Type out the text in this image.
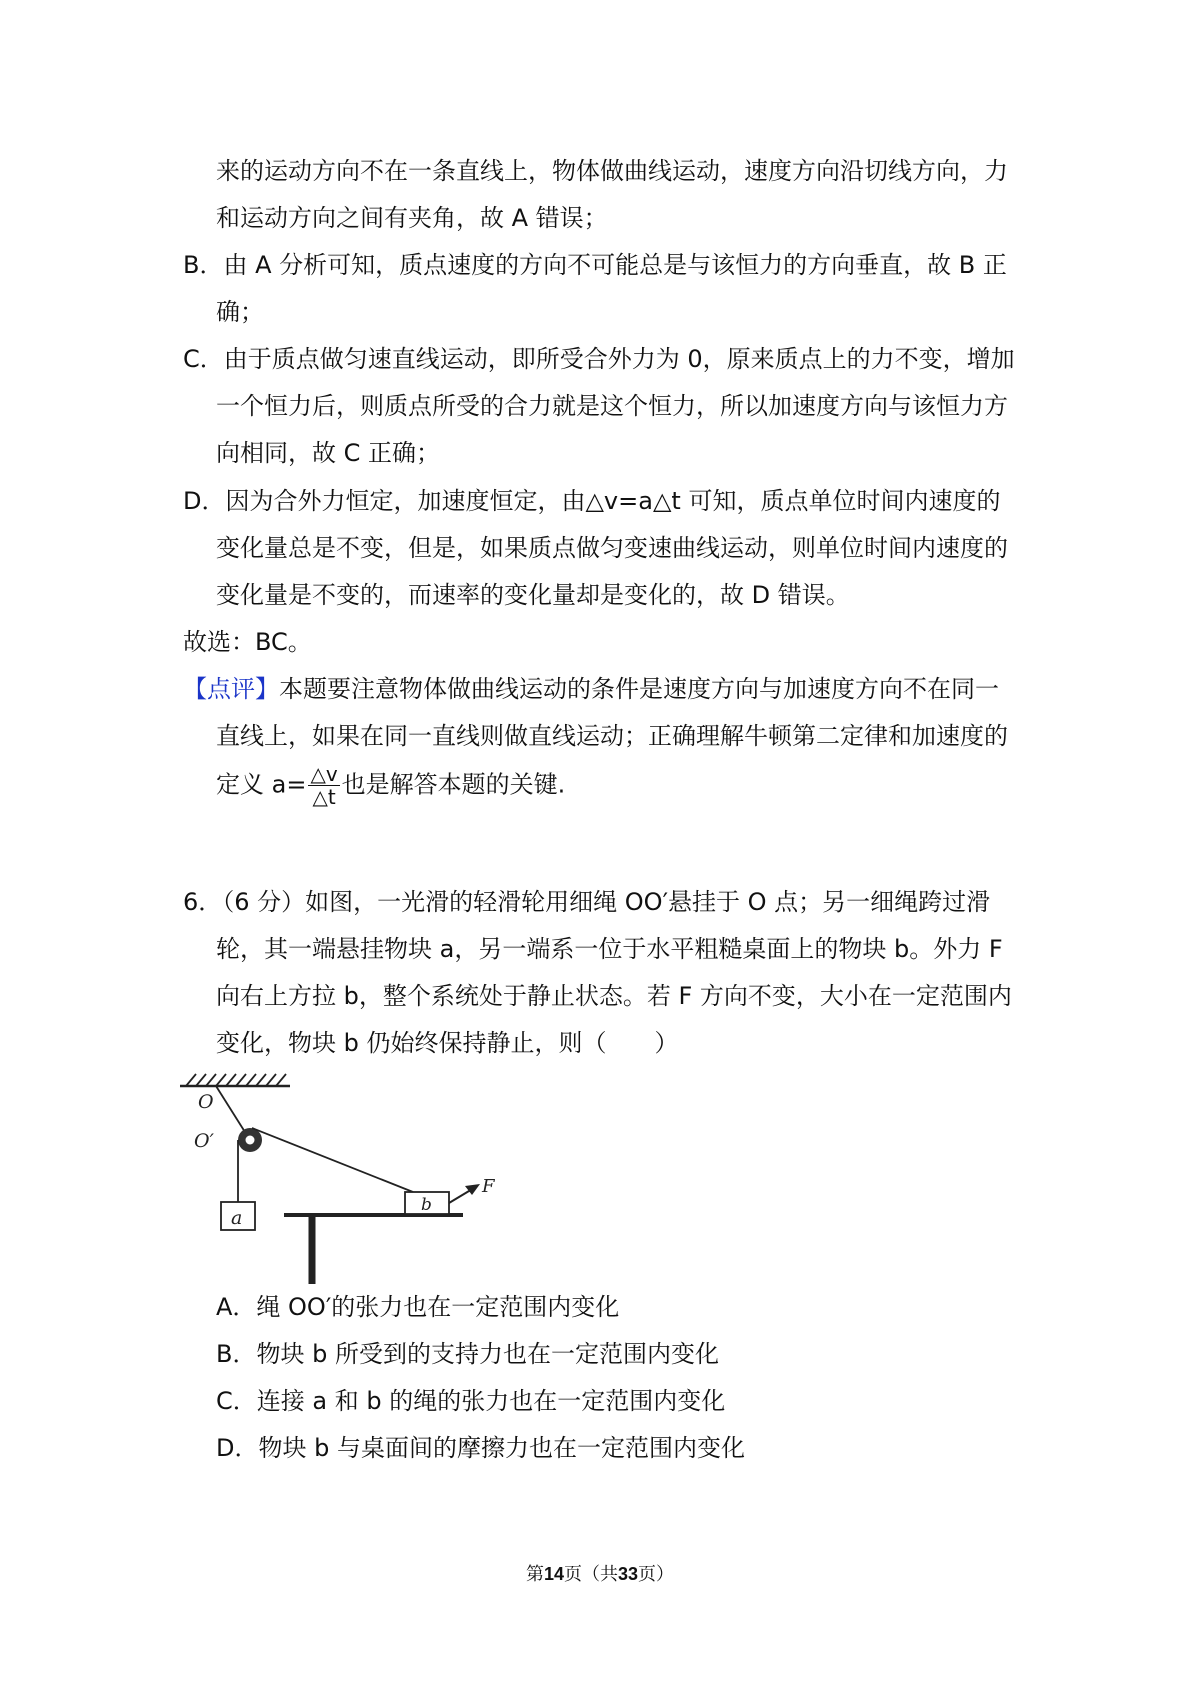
来的运动方向不在一条直线上，物体做曲线运动，速度方向沿切线方向，力
和运动方向之间有夹角，故 A 错误；
B．由 A 分析可知，质点速度的方向不可能总是与该恒力的方向垂直，故 B 正
确；
C．由于质点做匀速直线运动，即所受合外力为 0，原来质点上的力不变，增加
一个恒力后，则质点所受的合力就是这个恒力，所以加速度方向与该恒力方
向相同，故 C 正确；
D．因为合外力恒定，加速度恒定，由△v=a△t 可知，质点单位时间内速度的
变化量总是不变，但是，如果质点做匀变速曲线运动，则单位时间内速度的
变化量是不变的，而速率的变化量却是变化的，故 D 错误。
故选：BC。
【点评】本题要注意物体做曲线运动的条件是速度方向与加速度方向不在同一
直线上，如果在同一直线则做直线运动；正确理解牛顿第二定律和加速度的
定义 $a= \frac{\triangle v}{\triangle t}$ 也是解答本题的关键.
6．（6 分）如图，一光滑的轻滑轮用细绳 OO′悬挂于 O 点；另一细绳跨过滑
轮，其一端悬挂物块 a，另一端系一位于水平粗糙桌面上的物块 b。外力 F
向右上方拉 b，整个系统处于静止状态。若 F 方向不变，大小在一定范围内
变化，物块 b 仍始终保持静止，则（　　）
O
O′
a
b
F
A．绳 OO′的张力也在一定范围内变化
B．物块 b 所受到的支持力也在一定范围内变化
C．连接 a 和 b 的绳的张力也在一定范围内变化
D．物块 b 与桌面间的摩擦力也在一定范围内变化
第14页（共33页）
